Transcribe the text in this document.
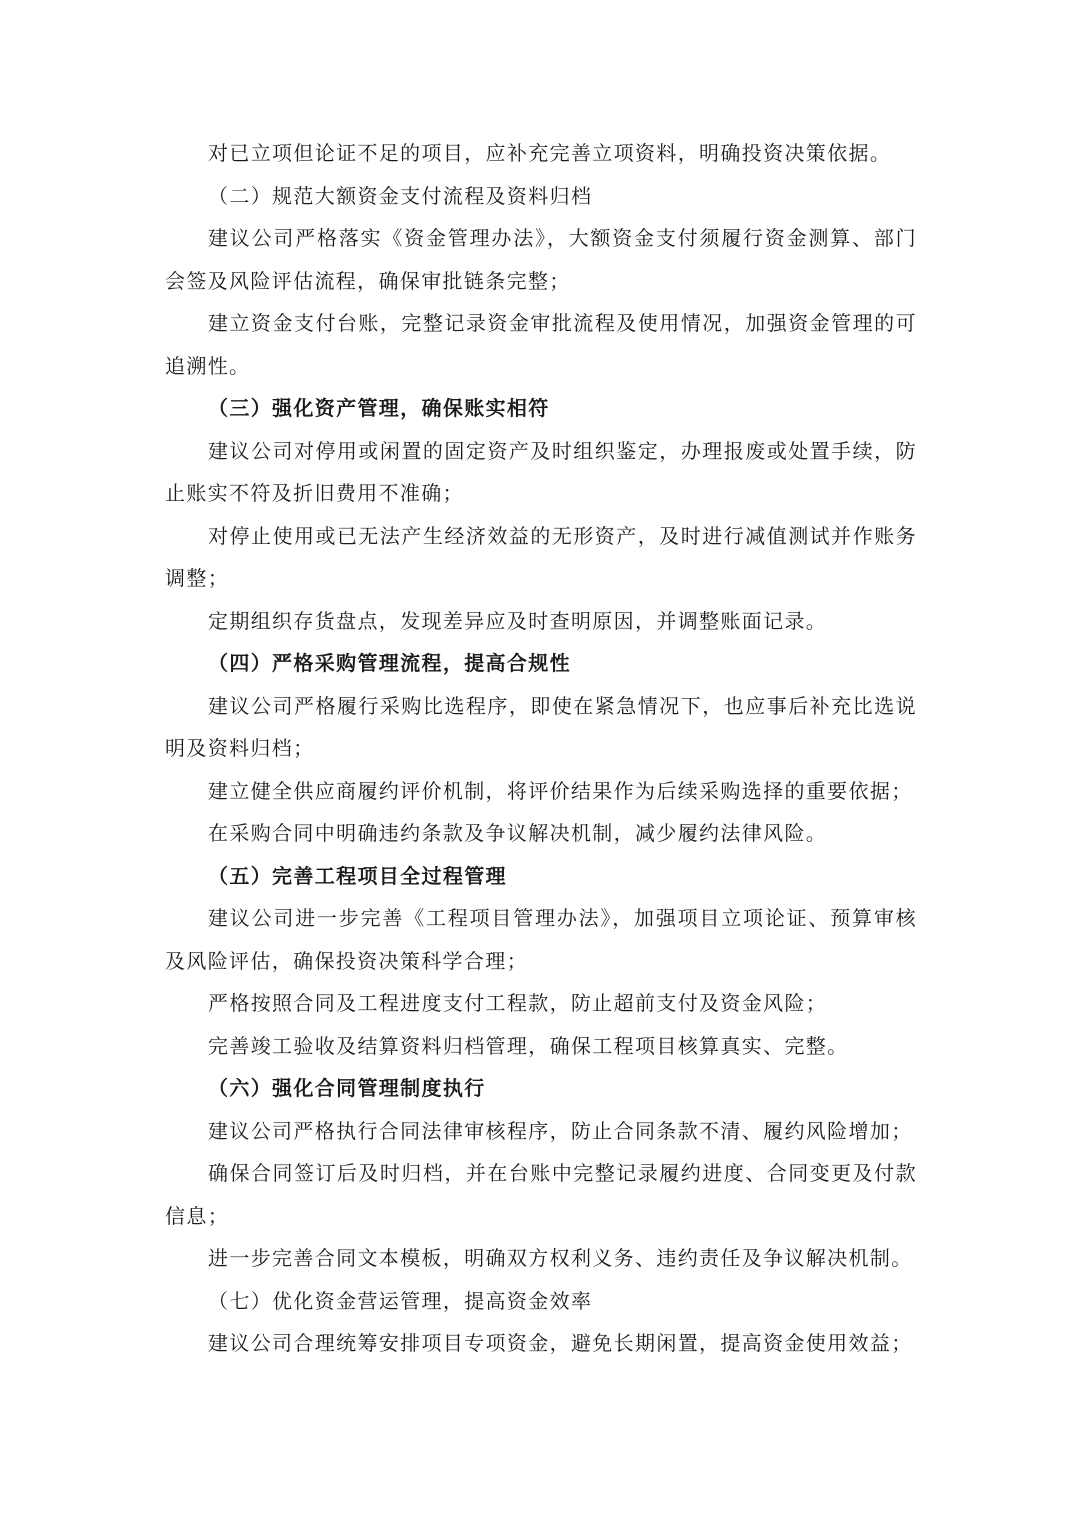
对已立项但论证不足的项目，应补充完善立项资料，明确投资决策依据。

（二）规范大额资金支付流程及资料归档

建议公司严格落实《资金管理办法》，大额资金支付须履行资金测算、部门会签及风险评估流程，确保审批链条完整；

建立资金支付台账，完整记录资金审批流程及使用情况，加强资金管理的可追溯性。

（三）强化资产管理，确保账实相符

建议公司对停用或闲置的固定资产及时组织鉴定，办理报废或处置手续，防止账实不符及折旧费用不准确；

对停止使用或已无法产生经济效益的无形资产，及时进行减值测试并作账务调整；

定期组织存货盘点，发现差异应及时查明原因，并调整账面记录。

（四）严格采购管理流程，提高合规性

建议公司严格履行采购比选程序，即使在紧急情况下，也应事后补充比选说明及资料归档；

建立健全供应商履约评价机制，将评价结果作为后续采购选择的重要依据；

在采购合同中明确违约条款及争议解决机制，减少履约法律风险。

（五）完善工程项目全过程管理

建议公司进一步完善《工程项目管理办法》，加强项目立项论证、预算审核及风险评估，确保投资决策科学合理；

严格按照合同及工程进度支付工程款，防止超前支付及资金风险；

完善竣工验收及结算资料归档管理，确保工程项目核算真实、完整。

（六）强化合同管理制度执行

建议公司严格执行合同法律审核程序，防止合同条款不清、履约风险增加；

确保合同签订后及时归档，并在台账中完整记录履约进度、合同变更及付款信息；

进一步完善合同文本模板，明确双方权利义务、违约责任及争议解决机制。

（七）优化资金营运管理，提高资金效率

建议公司合理统筹安排项目专项资金，避免长期闲置，提高资金使用效益；
